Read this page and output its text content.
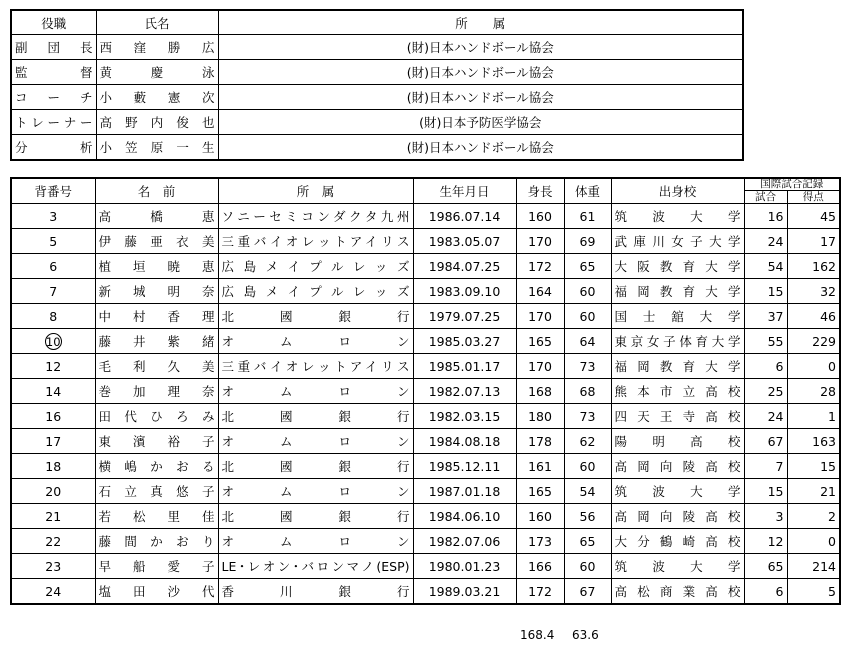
役職	氏名	所　　属
副団長	西窪勝広	(財)日本ハンドボール協会
監督	黄慶泳	(財)日本ハンドボール協会
コーチ	小藪憲次	(財)日本ハンドボール協会
トレーナー	高野内俊也	(財)日本予防医学協会
分析	小笠原一生	(財)日本ハンドボール協会
背番号	名　前	所　属	生年月日	身長	体重	出身校	国際試合記録	
							試合	得点
3	高橋恵	ソニーセミコンダクタ九州	1986.07.14	160	61	筑波大学	16	45
5	伊藤亜衣美	三重バイオレットアイリス	1983.05.07	170	69	武庫川女子大学	24	17
6	植垣暁恵	広島メイプルレッズ	1984.07.25	172	65	大阪教育大学	54	162
7	新城明奈	広島メイプルレッズ	1983.09.10	164	60	福岡教育大学	15	32
8	中村香理	北國銀行	1979.07.25	170	60	国士舘大学	37	46
10	藤井紫緒	オムロン	1985.03.27	165	64	東京女子体育大学	55	229
12	毛利久美	三重バイオレットアイリス	1985.01.17	170	73	福岡教育大学	6	0
14	巻加理奈	オムロン	1982.07.13	168	68	熊本市立高校	25	28
16	田代ひろみ	北國銀行	1982.03.15	180	73	四天王寺高校	24	1
17	東濱裕子	オムロン	1984.08.18	178	62	陽明高校	67	163
18	横嶋かおる	北國銀行	1985.12.11	161	60	高岡向陵高校	7	15
20	石立真悠子	オムロン	1987.01.18	165	54	筑波大学	15	21
21	若松里佳	北國銀行	1984.06.10	160	56	高岡向陵高校	3	2
22	藤間かおり	オムロン	1982.07.06	173	65	大分鶴崎高校	12	0
23	早船愛子	LE･レオン･バロンマノ(ESP)	1980.01.23	166	60	筑波大学	65	214
24	塩田沙代	香川銀行	1989.03.21	172	67	高松商業高校	6	5
168.4 63.6
